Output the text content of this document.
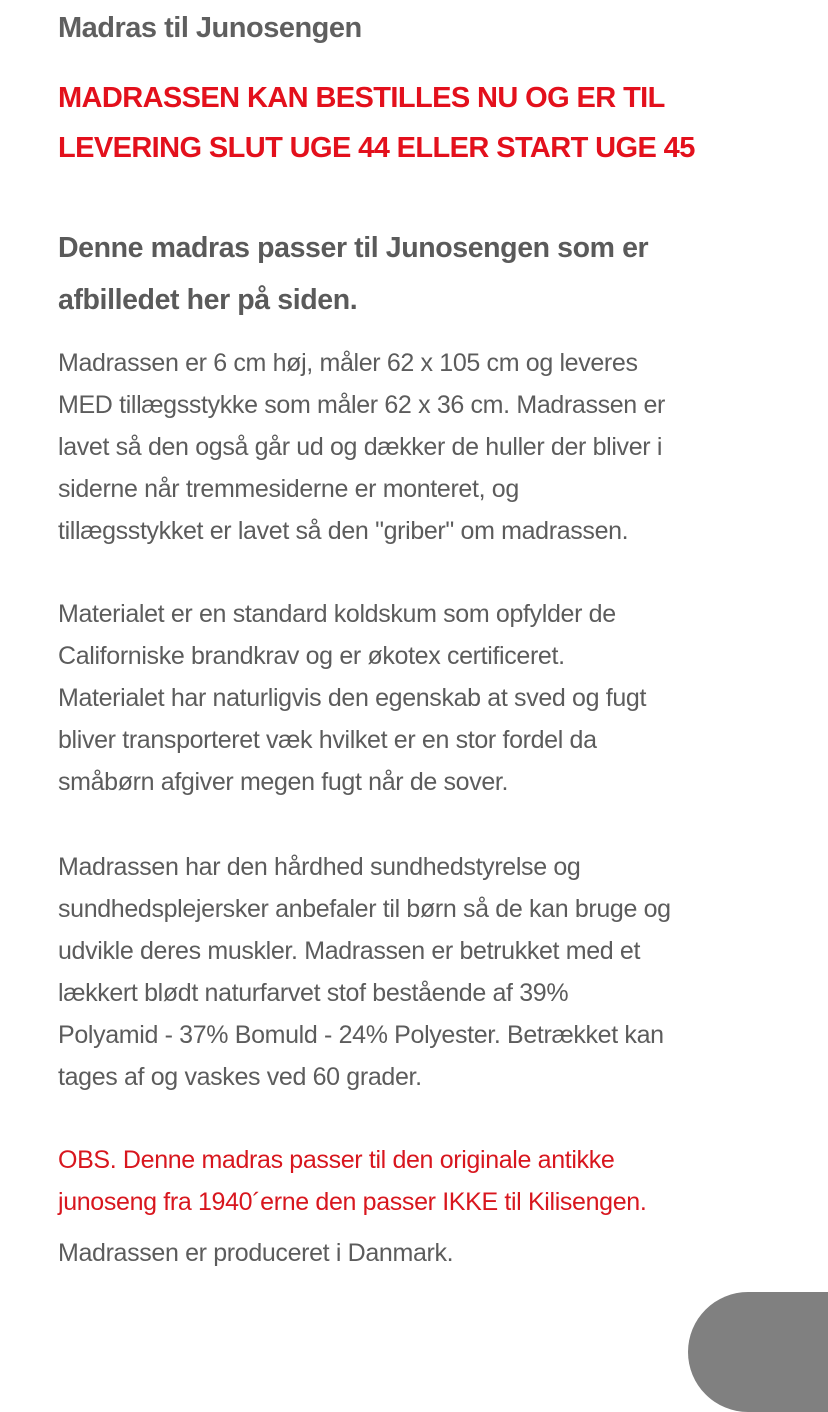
Madras til Junosengen
MADRASSEN KAN BESTILLES NU OG ER TIL
LEVERING SLUT UGE 44 ELLER START UGE 45
Denne madras passer til Junosengen som er
afbilledet her på siden.
Madrassen er 6 cm høj, måler 62 x 105 cm og leveres
MED tillægsstykke som måler 62 x 36 cm. Madrassen er
lavet så den også går ud og dækker de huller der bliver i
siderne når tremmesiderne er monteret, og
tillægsstykket er lavet så den "griber" om madrassen.
Materialet er en standard koldskum som opfylder de
Californiske brandkrav og er økotex certificeret.
Materialet har naturligvis den egenskab at sved og fugt
bliver transporteret væk hvilket er en stor fordel da
småbørn afgiver megen fugt når de sover.
Madrassen har den hårdhed sundhedstyrelse og
sundhedsplejersker anbefaler til børn så de kan bruge og
udvikle deres muskler. Madrassen er betrukket med et
lækkert blødt naturfarvet stof bestående af 39%
Polyamid - 37% Bomuld - 24% Polyester. Betrækket kan
tages af og vaskes ved 60 grader.
OBS. Denne madras passer til den originale antikke
junoseng fra 1940´erne den passer IKKE til Kilisengen.
Madrassen er produceret i Danmark.
